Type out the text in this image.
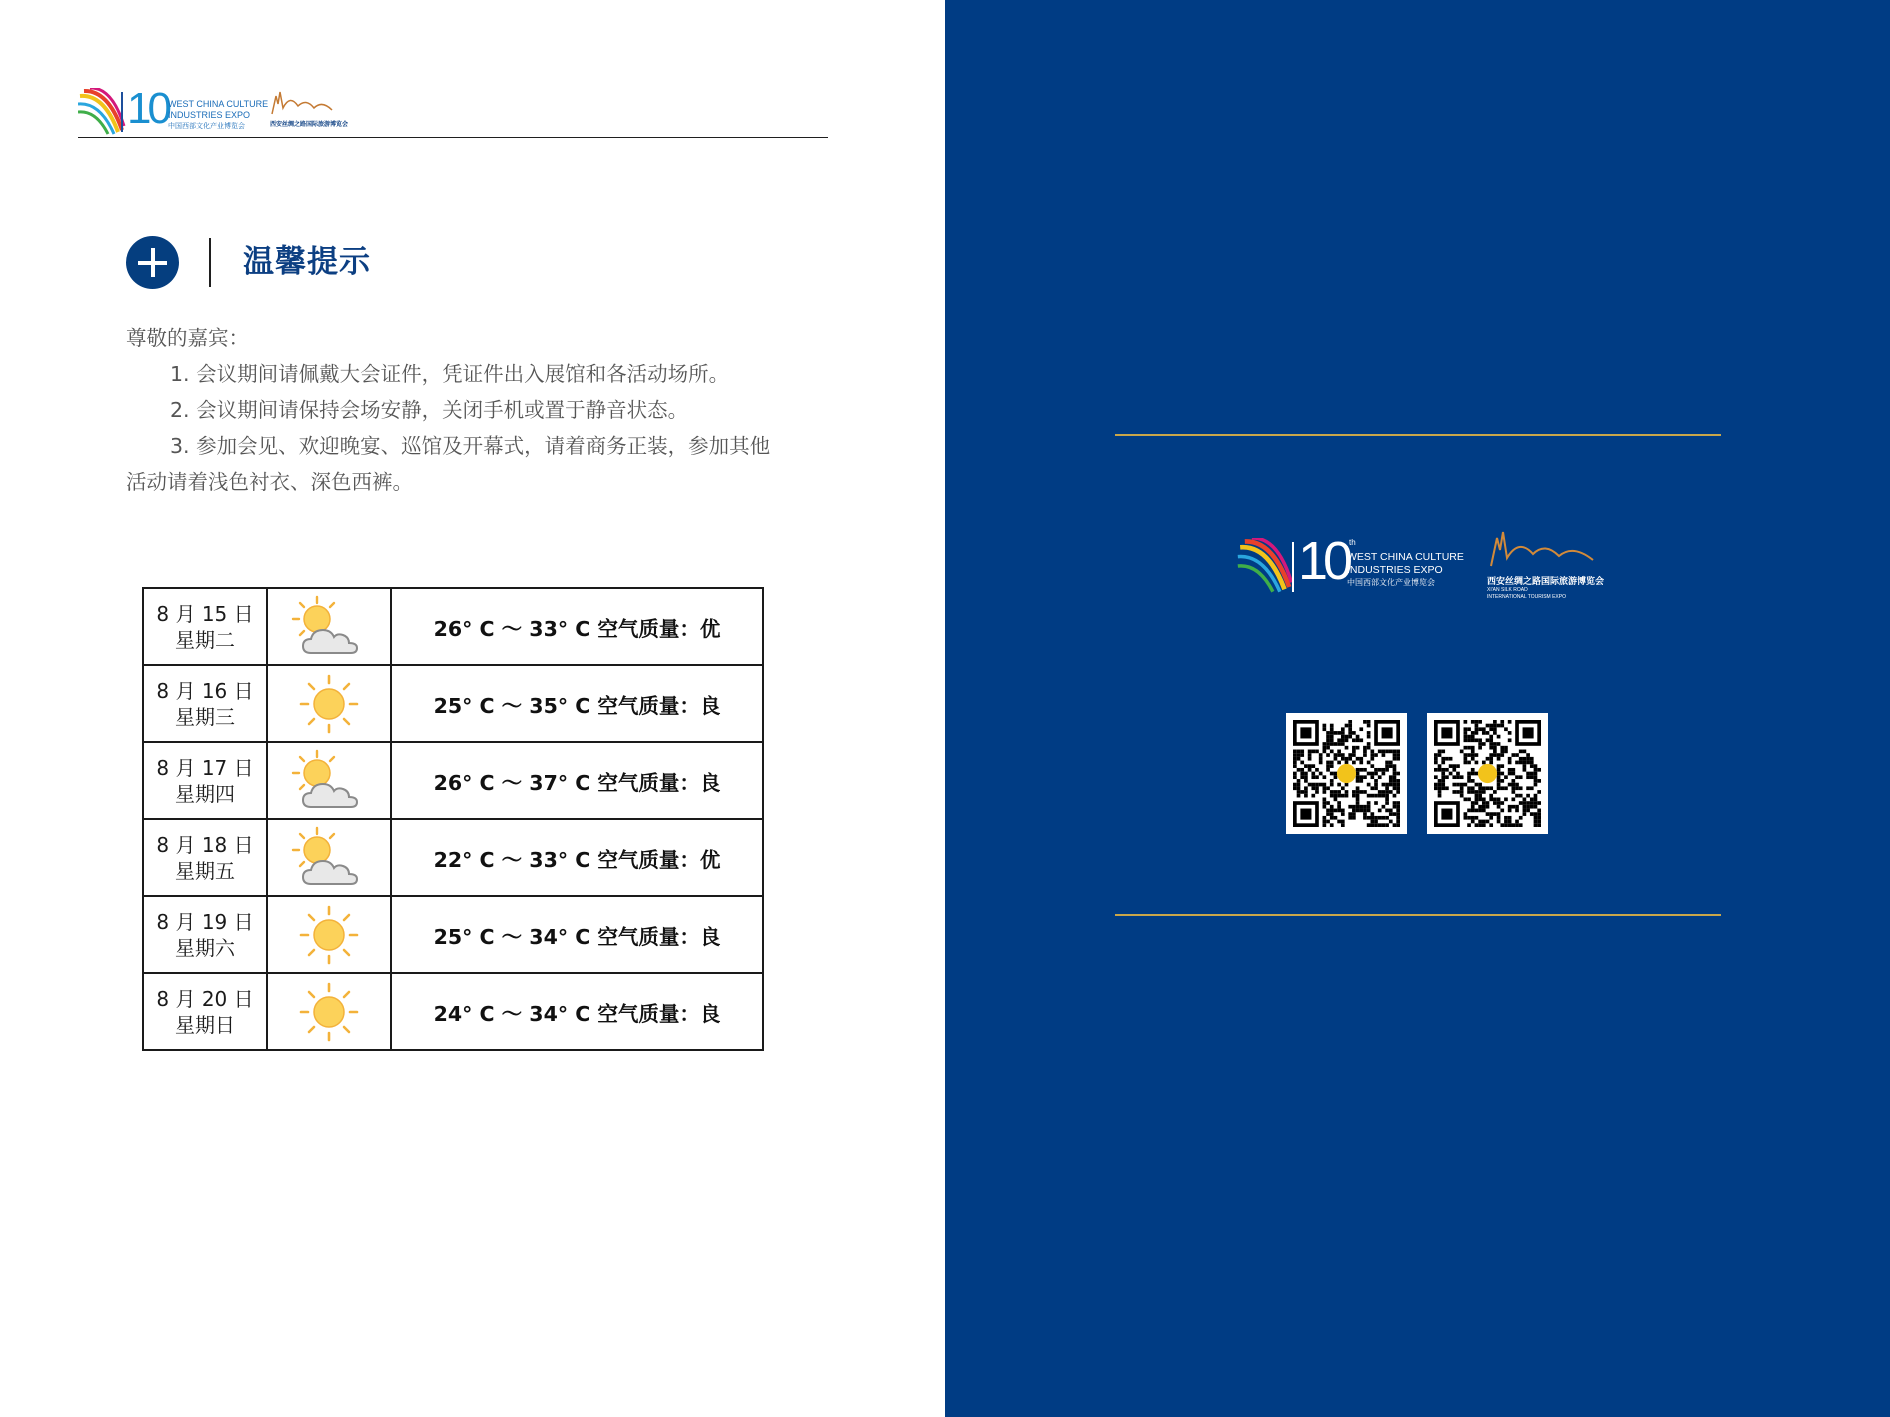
10 WEST CHINA CULTURE
INDUSTRIES EXPO
中国西部文化产业博览会	西安丝绸之路国际旅游博览会
温馨提示

尊敬的嘉宾：

1. 会议期间请佩戴大会证件，凭证件出入展馆和各活动场所。

2. 会议期间请保持会场安静，关闭手机或置于静音状态。

3. 参加会见、欢迎晚宴、巡馆及开幕式，请着商务正装，参加其他活动请着浅色衬衣、深色西裤。

8 月 15 日
星期二		26° C ～ 33° C 空气质量：优

8 月 16 日
星期三		25° C ～ 35° C 空气质量：良

8 月 17 日
星期四		26° C ～ 37° C 空气质量：良

8 月 18 日
星期五		22° C ～ 33° C 空气质量：优

8 月 19 日
星期六		25° C ～ 34° C 空气质量：良

8 月 20 日
星期日		24° C ～ 34° C 空气质量：良
10 th
WEST CHINA CULTURE
INDUSTRIES EXPO
中国西部文化产业博览会	西安丝绸之路国际旅游博览会
XI'AN SILK ROAD
INTERNATIONAL TOURISM EXPO
